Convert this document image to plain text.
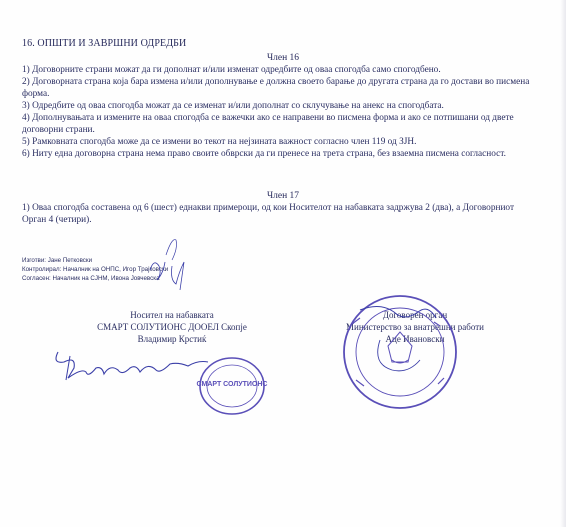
16. ОПШТИ И ЗАВРШНИ ОДРЕДБИ
Член 16
1) Договорните страни можат да ги дополнат и/или изменат одредбите од оваа спогодба само спогодбено.
2) Договорната страна која бара измена и/или дополнување е должна своето барање до другата страна да го достави во писмена форма.
3) Одредбите од оваа спогодба можат да се изменат и/или дополнат со склучување на анекс на спогодбата.
4) Дополнувањата и измените на оваа спогодба се важечки ако се направени во писмена форма и ако се потпишани од двете договорни страни.
5) Рамковната спогодба може да се измени во текот на нејзината важност согласно член 119 од ЗЈН.
6) Ниту една договорна страна нема право своите обврски да ги пренесе на трета страна, без взаемна писмена согласност.
Член 17
1) Оваа спогодба составена од 6 (шест) еднакви примероци, од кои Носителот на набавката задржува 2 (два), а Договорниот Орган 4 (четири).
Изготви: Јане Петковски
Контролирал: Началник на ОНПС, Игор Трајковски
Согласен: Началник на СЈНМ, Ивона Јовчевска
Носител на набавката
СМАРТ СОЛУТИОНС ДООЕЛ Скопје
Владимир Крстиќ
Договорен орган
Министерство за внатрешни работи
Аце Ивановски
СМАРТ СОЛУТИОНС
